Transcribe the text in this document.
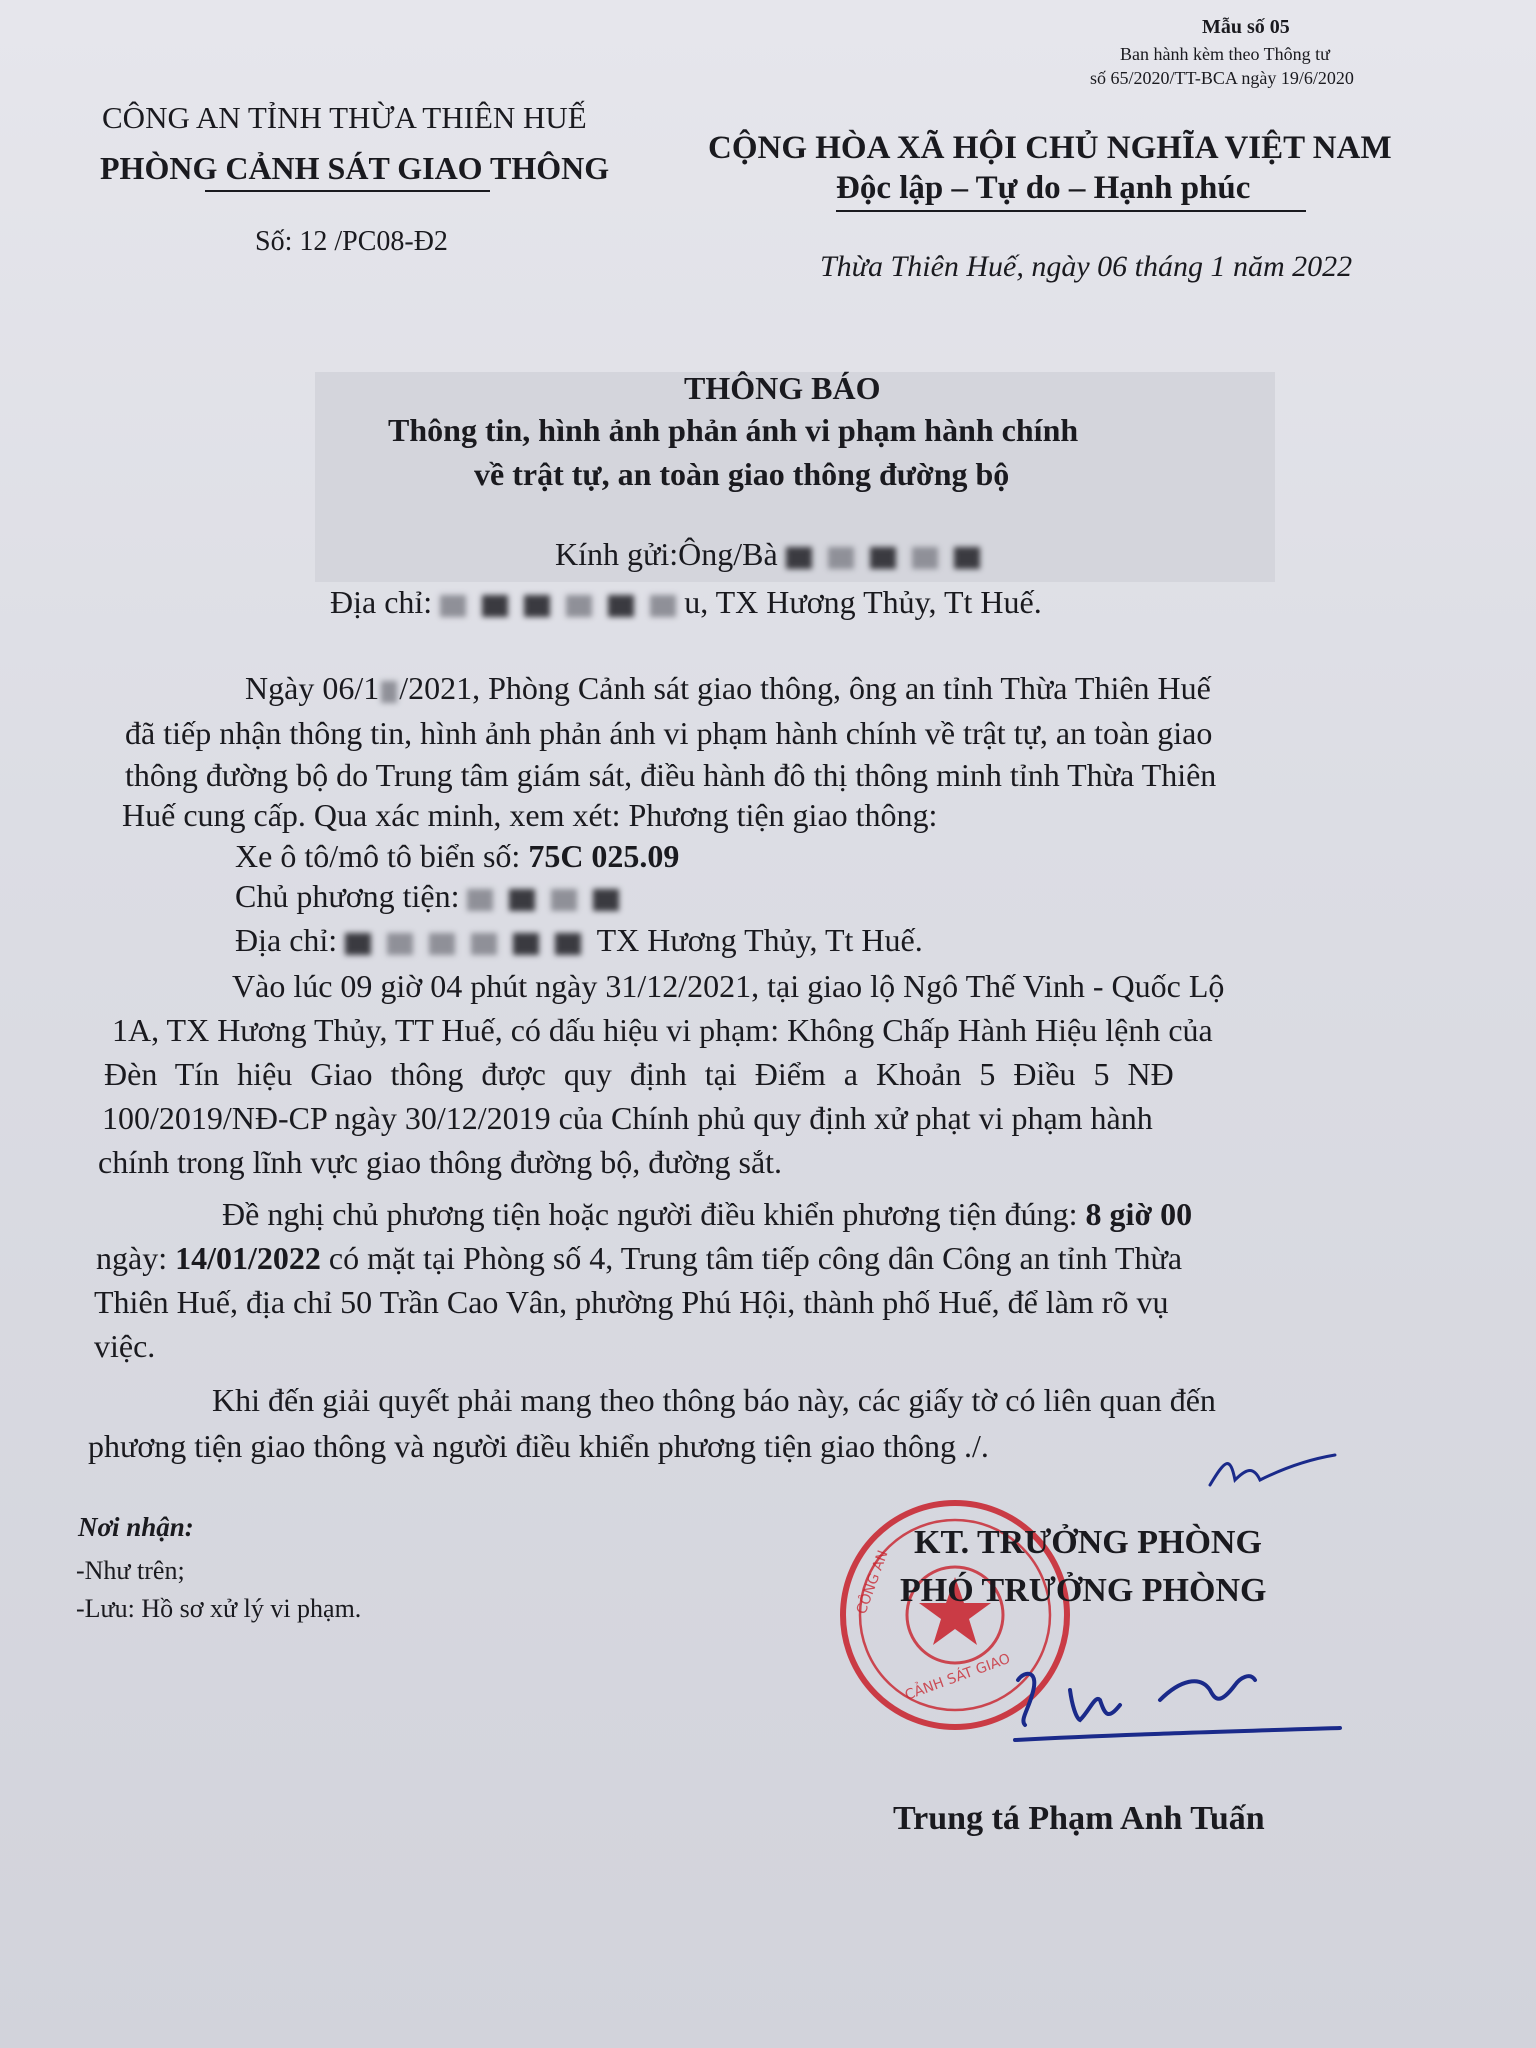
Mẫu số 05
Ban hành kèm theo Thông tư
số 65/2020/TT-BCA ngày 19/6/2020
CÔNG AN TỈNH THỪA THIÊN HUẾ
PHÒNG CẢNH SÁT GIAO THÔNG
Số: 12 /PC08-Đ2
CỘNG HÒA XÃ HỘI CHỦ NGHĨA VIỆT NAM
Độc lập – Tự do – Hạnh phúc
Thừa Thiên Huế, ngày 06 tháng 1 năm 2022
THÔNG BÁO
Thông tin, hình ảnh phản ánh vi phạm hành chính
về trật tự, an toàn giao thông đường bộ
Kính gửi:Ông/Bà
Địa chỉ:	u, TX Hương Thủy, Tt Huế.
Ngày 06/1 /2021, Phòng Cảnh sát giao thông, ông an tỉnh Thừa Thiên Huế
đã tiếp nhận thông tin, hình ảnh phản ánh vi phạm hành chính về trật tự, an toàn giao
thông đường bộ do Trung tâm giám sát, điều hành đô thị thông minh tỉnh Thừa Thiên
Huế cung cấp. Qua xác minh, xem xét: Phương tiện giao thông:
Xe ô tô/mô tô biển số: 75C 025.09
Chủ phương tiện:
Địa chỉ:	TX Hương Thủy, Tt Huế.
Vào lúc 09 giờ 04 phút ngày 31/12/2021, tại giao lộ Ngô Thế Vinh - Quốc Lộ
1A, TX Hương Thủy, TT Huế, có dấu hiệu vi phạm: Không Chấp Hành Hiệu lệnh của
Đèn Tín hiệu Giao thông được quy định tại Điểm a Khoản 5 Điều 5 NĐ
100/2019/NĐ-CP ngày 30/12/2019 của Chính phủ quy định xử phạt vi phạm hành
chính trong lĩnh vực giao thông đường bộ, đường sắt.
Đề nghị chủ phương tiện hoặc người điều khiển phương tiện đúng: 8 giờ 00
ngày: 14/01/2022 có mặt tại Phòng số 4, Trung tâm tiếp công dân Công an tỉnh Thừa
Thiên Huế, địa chỉ 50 Trần Cao Vân, phường Phú Hội, thành phố Huế, để làm rõ vụ
việc.
Khi đến giải quyết phải mang theo thông báo này, các giấy tờ có liên quan đến
phương tiện giao thông và người điều khiển phương tiện giao thông ./.
Nơi nhận:
-Như trên;
-Lưu: Hồ sơ xử lý vi phạm.	CÔNG AN
CẢNH SÁT GIAO
KT. TRƯỞNG PHÒNG
PHÓ TRƯỞNG PHÒNG
Trung tá Phạm Anh Tuấn
